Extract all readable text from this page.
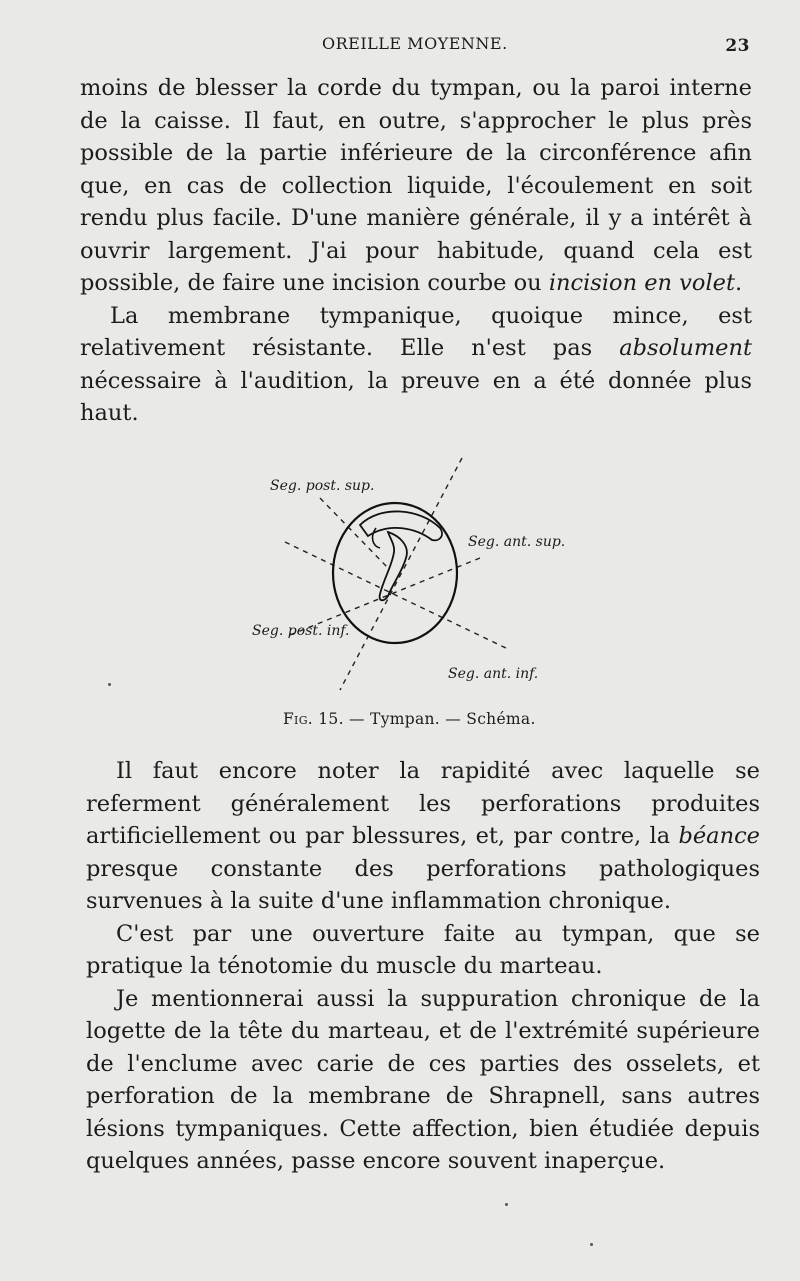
OREILLE MOYENNE.	23

moins de blesser la corde du tympan, ou la paroi interne de la caisse. Il faut, en outre, s'approcher le plus près possible de la partie inférieure de la circonférence afin que, en cas de collection liquide, l'écoulement en soit rendu plus facile. D'une manière générale, il y a intérêt à ouvrir largement. J'ai pour habitude, quand cela est possible, de faire une incision courbe ou incision en volet.

La membrane tympanique, quoique mince, est relativement résistante. Elle n'est pas absolument nécessaire à l'audition, la preuve en a été donnée plus haut.

Seg. post. sup.
Seg. ant. sup.
Seg. post. inf.
Seg. ant. inf.
Fig. 15. — Tympan. — Schéma.

Il faut encore noter la rapidité avec laquelle se referment généralement les perforations produites artificiellement ou par blessures, et, par contre, la béance presque constante des perforations pathologiques survenues à la suite d'une inflammation chronique.

C'est par une ouverture faite au tympan, que se pratique la ténotomie du muscle du marteau.

Je mentionnerai aussi la suppuration chronique de la logette de la tête du marteau, et de l'extrémité supérieure de l'enclume avec carie de ces parties des osselets, et perforation de la membrane de Shrapnell, sans autres lésions tympaniques. Cette affection, bien étudiée depuis quelques années, passe encore souvent inaperçue.
